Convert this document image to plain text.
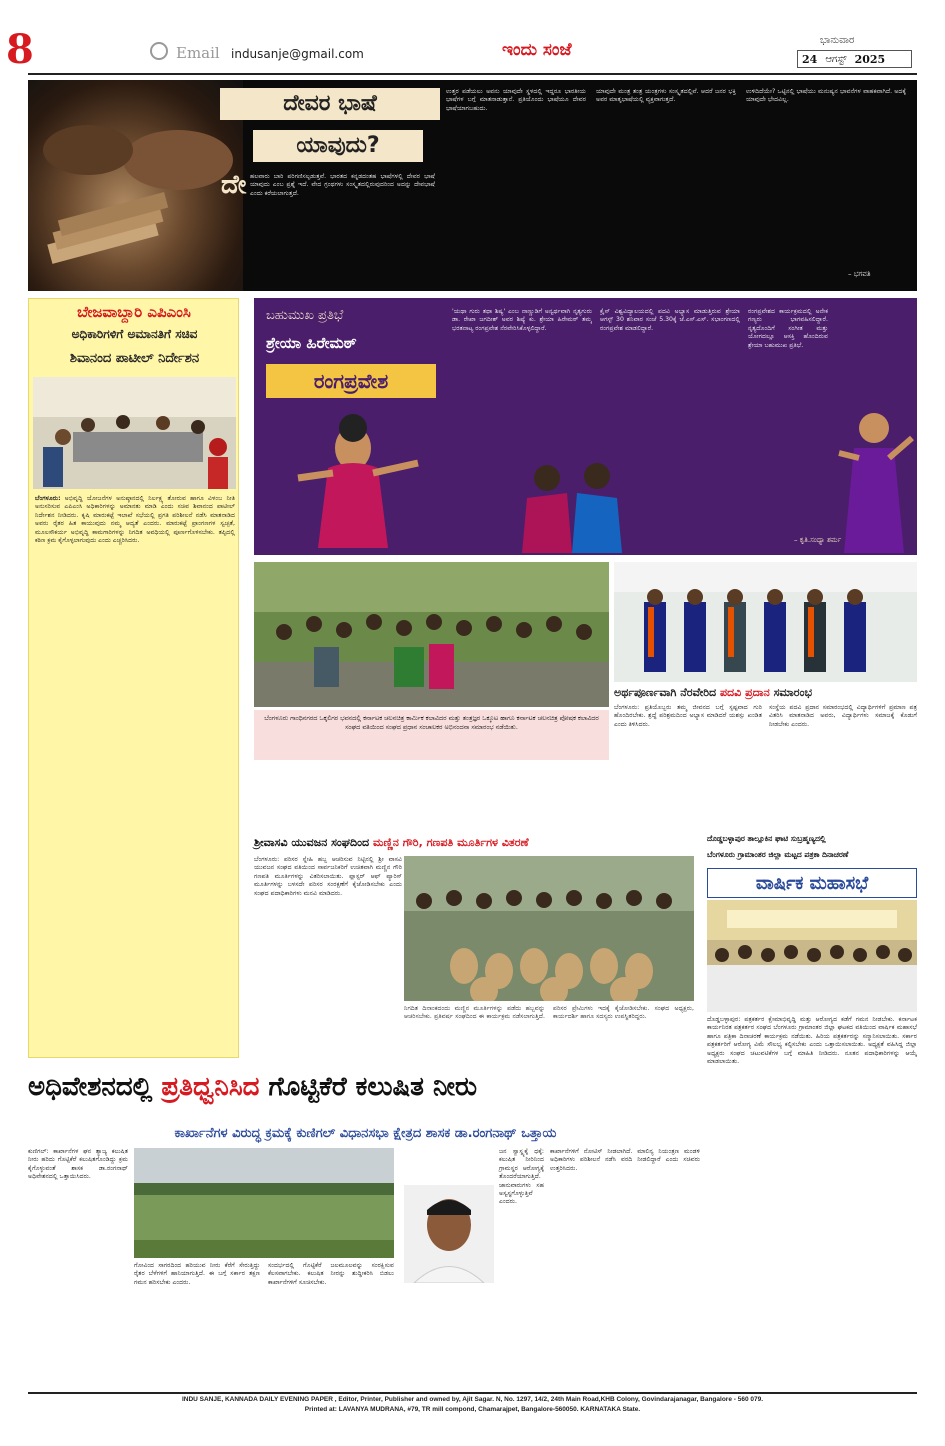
8	Email indusanje@gmail.com	ಇಂದು ಸಂಜೆ	ಭಾನುವಾರ
24 ಆಗಸ್ಟ್ 2025
ದೇವರ ಭಾಷೆ
ಯಾವುದು?
ದೇ ಹಲವಾರು ಬಾರಿ ಪರಿಗಣಿಸಲ್ಪಡುತ್ತವೆ. ಭಾರತದ ಕನ್ನಡದಂತಹ ಭಾಷೆಗಳಲ್ಲಿ ದೇವರ ಭಾಷೆ ಯಾವುದು ಎಂಬ ಪ್ರಶ್ನೆ ಇದೆ. ವೇದ ಗ್ರಂಥಗಳು ಸಂಸ್ಕೃತದಲ್ಲಿರುವುದರಿಂದ ಅದನ್ನು ದೇವಭಾಷೆ ಎಂದು ಕರೆಯಲಾಗುತ್ತದೆ.
ಉತ್ತರ ಪಡೆಯಲು ಅವನು ಯಾವುದೇ ಸ್ಥಳದಲ್ಲಿ ಇದ್ದರೂ ಭಾರತೀಯ ಭಾಷೆಗಳ ಬಗ್ಗೆ ಮಾತನಾಡುತ್ತಾನೆ. ಪ್ರತಿಯೊಂದು ಭಾಷೆಯೂ ದೇವರ ಭಾಷೆಯಾಗಬಹುದು.
ಯಾವುದೇ ಮಂತ್ರ ತಂತ್ರ ಯಂತ್ರಗಳು ಸಂಸ್ಕೃತದಲ್ಲಿವೆ. ಆದರೆ ಜನರ ಭಕ್ತಿ ಅವರ ಮಾತೃಭಾಷೆಯಲ್ಲಿ ವ್ಯಕ್ತವಾಗುತ್ತದೆ.
ಉಳಿದಿದೆಯೇ? ಒಟ್ಟಿನಲ್ಲಿ ಭಾಷೆಯು ಮನುಷ್ಯನ ಭಾವನೆಗಳ ವಾಹಕವಾಗಿದೆ. ಅದಕ್ಕೆ ಯಾವುದೇ ಭೇದವಿಲ್ಲ.
– ಭಗವತಿ
ಬೇಜವಾಬ್ದಾರಿ ಎಪಿಎಂಸಿ
ಅಧಿಕಾರಿಗಳಿಗೆ ಅಮಾನತಿಗೆ ಸಚಿವ
ಶಿವಾನಂದ ಪಾಟೀಲ್ ನಿರ್ದೇಶನ
ಬೆಂಗಳೂರು: ಅಭಿವೃದ್ಧಿ ಯೋಜನೆಗಳ ಅನುಷ್ಠಾನದಲ್ಲಿ ನಿರ್ಲಕ್ಷ್ಯ ತೋರುವ ಹಾಗೂ ವಿಳಂಬ ನೀತಿ ಅನುಸರಿಸುವ ಎಪಿಎಂಸಿ ಅಧಿಕಾರಿಗಳನ್ನು ಅಮಾನತು ಮಾಡಿ ಎಂದು ಸಚಿವ ಶಿವಾನಂದ ಪಾಟೀಲ್ ನಿರ್ದೇಶನ ನೀಡಿದರು. ಕೃಷಿ ಮಾರುಕಟ್ಟೆ ಇಲಾಖೆ ಸಭೆಯಲ್ಲಿ ಪ್ರಗತಿ ಪರಿಶೀಲನೆ ನಡೆಸಿ ಮಾತನಾಡಿದ ಅವರು ರೈತರ ಹಿತ ಕಾಯುವುದು ನಮ್ಮ ಆದ್ಯತೆ ಎಂದರು. ಮಾರುಕಟ್ಟೆ ಪ್ರಾಂಗಣಗಳ ಸ್ವಚ್ಛತೆ, ಮೂಲಸೌಕರ್ಯ ಅಭಿವೃದ್ಧಿ ಕಾಮಗಾರಿಗಳನ್ನು ನಿಗದಿತ ಅವಧಿಯಲ್ಲಿ ಪೂರ್ಣಗೊಳಿಸಬೇಕು. ತಪ್ಪಿದಲ್ಲಿ ಕಠಿಣ ಕ್ರಮ ಕೈಗೊಳ್ಳಲಾಗುವುದು ಎಂದು ಎಚ್ಚರಿಸಿದರು.
ಬಹುಮುಖ ಪ್ರತಿಭೆ
ಶ್ರೇಯಾ ಹಿರೇಮಠ್
ರಂಗಪ್ರವೇಶ
'ಯಥಾ ಗುರು ತಥಾ ಶಿಷ್ಯ' ಎಂಬ ನಾಣ್ಣುಡಿಗೆ ಅನ್ವರ್ಥವಾಗಿ ನೃತ್ಯಗುರು ಡಾ. ರೇಖಾ ಜಗದೀಶ್ ಅವರ ಶಿಷ್ಯೆ ಕು. ಶ್ರೇಯಾ ಹಿರೇಮಠ್ ತಮ್ಮ ಭರತನಾಟ್ಯ ರಂಗಪ್ರವೇಶ ನೆರವೇರಿಸಿಕೊಳ್ಳಲಿದ್ದಾರೆ.
ಕ್ರೈಸ್ ವಿಶ್ವವಿದ್ಯಾಲಯದಲ್ಲಿ ಪದವಿ ಅಭ್ಯಾಸ ಮಾಡುತ್ತಿರುವ ಶ್ರೇಯಾ ಆಗಸ್ಟ್ 30 ಶನಿವಾರ ಸಂಜೆ 5.30ಕ್ಕೆ ಜೆ.ಎಸ್.ಎಸ್. ಸಭಾಂಗಣದಲ್ಲಿ ರಂಗಪ್ರವೇಶ ಮಾಡಲಿದ್ದಾರೆ.
ರಂಗಪ್ರವೇಶದ ಕಾರ್ಯಕ್ರಮದಲ್ಲಿ ಅನೇಕ ಗಣ್ಯರು ಭಾಗವಹಿಸಲಿದ್ದಾರೆ. ನೃತ್ಯದೊಂದಿಗೆ ಸಂಗೀತ ಮತ್ತು ಯೋಗದಲ್ಲೂ ಆಸಕ್ತಿ ಹೊಂದಿರುವ ಶ್ರೇಯಾ ಬಹುಮುಖ ಪ್ರತಿಭೆ.
– ಕೃತಿ.ಸಂಧ್ಯಾ ಶರ್ಮ
ಬೆಂಗಳೂರು ಗಾಂಧಿನಗರದ ಒಕ್ಕಲಿಗರ ಭವನದಲ್ಲಿ ಕರ್ನಾಟಕ ಚಲನಚಿತ್ರ ಕಾರ್ಮಿಕ ಕಲಾವಿದರ ಮತ್ತು ತಂತ್ರಜ್ಞರ ಒಕ್ಕೂಟ ಹಾಗೂ ಕರ್ನಾಟಕ ಚಲನಚಿತ್ರ ಪೋಷಕ ಕಲಾವಿದರ ಸಂಘದ ವತಿಯಿಂದ ಸಂಘದ ಪ್ರಧಾನ ಸಂಚಾಲಕರ ಅಭಿನಂದನಾ ಸಮಾರಂಭ ನಡೆಯಿತು.
ಅರ್ಥಪೂರ್ಣವಾಗಿ ನೆರವೇರಿದ ಪದವಿ ಪ್ರದಾನ ಸಮಾರಂಭ
ಬೆಂಗಳೂರು: ಪ್ರತಿಯೊಬ್ಬರು ತಮ್ಮ ಜೀವನದ ಬಗ್ಗೆ ಸ್ಪಷ್ಟವಾದ ಗುರಿ ಹೊಂದಿರಬೇಕು. ಶ್ರದ್ಧೆ ಪರಿಶ್ರಮದಿಂದ ಅಭ್ಯಾಸ ಮಾಡಿದರೆ ಯಶಸ್ಸು ಖಂಡಿತ ಎಂದು ತಿಳಿಸಿದರು.
ಸಂಸ್ಥೆಯ ಪದವಿ ಪ್ರದಾನ ಸಮಾರಂಭದಲ್ಲಿ ವಿದ್ಯಾರ್ಥಿಗಳಿಗೆ ಪ್ರಮಾಣ ಪತ್ರ ವಿತರಿಸಿ ಮಾತನಾಡಿದ ಅವರು, ವಿದ್ಯಾರ್ಥಿಗಳು ಸಮಾಜಕ್ಕೆ ಕೊಡುಗೆ ನೀಡಬೇಕು ಎಂದರು.
ಶ್ರೀವಾಸವಿ ಯುವಜನ ಸಂಘದಿಂದ ಮಣ್ಣಿನ ಗೌರಿ, ಗಣಪತಿ ಮೂರ್ತಿಗಳ ವಿತರಣೆ
ಬೆಂಗಳೂರು: ಪರಿಸರ ಸ್ನೇಹಿ ಹಬ್ಬ ಆಚರಿಸುವ ನಿಟ್ಟಿನಲ್ಲಿ ಶ್ರೀ ವಾಸವಿ ಯುವಜನ ಸಂಘದ ವತಿಯಿಂದ ಸಾರ್ವಜನಿಕರಿಗೆ ಉಚಿತವಾಗಿ ಮಣ್ಣಿನ ಗೌರಿ ಗಣಪತಿ ಮೂರ್ತಿಗಳನ್ನು ವಿತರಿಸಲಾಯಿತು. ಪ್ಲಾಸ್ಟರ್ ಆಫ್ ಪ್ಯಾರಿಸ್ ಮೂರ್ತಿಗಳನ್ನು ಬಳಸದೇ ಪರಿಸರ ಸಂರಕ್ಷಣೆಗೆ ಕೈಜೋಡಿಸಬೇಕು ಎಂದು ಸಂಘದ ಪದಾಧಿಕಾರಿಗಳು ಮನವಿ ಮಾಡಿದರು.
ನಿಗದಿತ ದಿನಾಂಕದಂದು ಮಣ್ಣಿನ ಮೂರ್ತಿಗಳನ್ನು ಪಡೆದು ಹಬ್ಬವನ್ನು ಆಚರಿಸಬೇಕು. ಪ್ರತಿವರ್ಷ ಸಂಘದಿಂದ ಈ ಕಾರ್ಯಕ್ರಮ ನಡೆಸಲಾಗುತ್ತಿದೆ. ಪರಿಸರ ಪ್ರೇಮಿಗಳು ಇದಕ್ಕೆ ಕೈಜೋಡಿಸಬೇಕು. ಸಂಘದ ಅಧ್ಯಕ್ಷರು, ಕಾರ್ಯದರ್ಶಿ ಹಾಗೂ ಸದಸ್ಯರು ಉಪಸ್ಥಿತರಿದ್ದರು.
ದೊಡ್ಡಬಳ್ಳಾಪುರ ತಾಲ್ಲೂಕಿನ ಘಾಟಿ ಸುಬ್ರಹ್ಮಣ್ಯದಲ್ಲಿ
ಬೆಂಗಳೂರು ಗ್ರಾಮಾಂತರ ಜಿಲ್ಲಾ ಮಟ್ಟದ ಪತ್ರಕಾ ದಿನಾಚರಣೆ
ವಾರ್ಷಿಕ ಮಹಾಸಭೆ
ದೊಡ್ಡಬಳ್ಳಾಪುರ: ಪತ್ರಕರ್ತರ ಕ್ಷೇಮಾಭಿವೃದ್ಧಿ ಮತ್ತು ಆರೋಗ್ಯದ ಕಡೆಗೆ ಗಮನ ನೀಡಬೇಕು. ಕರ್ನಾಟಕ ಕಾರ್ಯನಿರತ ಪತ್ರಕರ್ತರ ಸಂಘದ ಬೆಂಗಳೂರು ಗ್ರಾಮಾಂತರ ಜಿಲ್ಲಾ ಘಟಕದ ವತಿಯಿಂದ ವಾರ್ಷಿಕ ಮಹಾಸಭೆ ಹಾಗೂ ಪತ್ರಿಕಾ ದಿನಾಚರಣೆ ಕಾರ್ಯಕ್ರಮ ನಡೆಯಿತು. ಹಿರಿಯ ಪತ್ರಕರ್ತರನ್ನು ಸನ್ಮಾನಿಸಲಾಯಿತು. ಸರ್ಕಾರ ಪತ್ರಕರ್ತರಿಗೆ ಆರೋಗ್ಯ ವಿಮೆ ಸೌಲಭ್ಯ ಕಲ್ಪಿಸಬೇಕು ಎಂದು ಒತ್ತಾಯಿಸಲಾಯಿತು. ಅಧ್ಯಕ್ಷತೆ ವಹಿಸಿದ್ದ ಜಿಲ್ಲಾ ಅಧ್ಯಕ್ಷರು ಸಂಘದ ಚಟುವಟಿಕೆಗಳ ಬಗ್ಗೆ ಮಾಹಿತಿ ನೀಡಿದರು. ನೂತನ ಪದಾಧಿಕಾರಿಗಳನ್ನು ಆಯ್ಕೆ ಮಾಡಲಾಯಿತು.
ಅಧಿವೇಶನದಲ್ಲಿ ಪ್ರತಿಧ್ವನಿಸಿದ ಗೊಟ್ಟಿಕೆರೆ ಕಲುಷಿತ ನೀರು
ಕಾರ್ಖಾನೆಗಳ ವಿರುದ್ಧ ಕ್ರಮಕ್ಕೆ ಕುಣಿಗಲ್ ವಿಧಾನಸಭಾ ಕ್ಷೇತ್ರದ ಶಾಸಕ ಡಾ.ರಂಗನಾಥ್ ಒತ್ತಾಯ
ಕುಣಿಗಲ್: ಕಾರ್ಖಾನೆಗಳ ಘನ ತ್ಯಾಜ್ಯ ಕಲುಷಿತ ನೀರು ಹರಿದು ಗೊಟ್ಟಿಕೆರೆ ಕಲುಷಿತಗೊಂಡಿದ್ದು ಕ್ರಮ ಕೈಗೊಳ್ಳುವಂತೆ ಶಾಸಕ ಡಾ.ರಂಗನಾಥ್ ಅಧಿವೇಶನದಲ್ಲಿ ಒತ್ತಾಯಿಸಿದರು.
ಗೋವಿಂದ ಸಾಗರದಿಂದ ಹರಿಯುವ ನೀರು ಕೆರೆಗೆ ಸೇರುತ್ತಿದ್ದು ರೈತರ ಬೆಳೆಗಳಿಗೆ ಹಾನಿಯಾಗುತ್ತಿದೆ. ಈ ಬಗ್ಗೆ ಸರ್ಕಾರ ತಕ್ಷಣ ಗಮನ ಹರಿಸಬೇಕು ಎಂದರು.
ಸಂದರ್ಭದಲ್ಲಿ ಗೊಟ್ಟಿಕೆರೆ ಜಲಮೂಲವನ್ನು ಸಂರಕ್ಷಿಸುವ ಕೆಲಸವಾಗಬೇಕು. ಕಲುಷಿತ ನೀರನ್ನು ಶುದ್ಧೀಕರಿಸಿ ಬಿಡಲು ಕಾರ್ಖಾನೆಗಳಿಗೆ ಸೂಚಿಸಬೇಕು.
ಜನ ಸ್ವಾಸ್ಥ್ಯಕ್ಕೆ ಧಕ್ಕೆ: ಕಲುಷಿತ ನೀರಿನಿಂದ ಗ್ರಾಮಸ್ಥರ ಆರೋಗ್ಯಕ್ಕೆ ತೊಂದರೆಯಾಗುತ್ತಿದೆ. ಜಾನುವಾರುಗಳು ಸಹ ಅಸ್ವಸ್ಥಗೊಳ್ಳುತ್ತಿವೆ ಎಂದರು.
ಕಾರ್ಖಾನೆಗಳಿಗೆ ನೋಟಿಸ್ ನೀಡಲಾಗಿದೆ. ಮಾಲಿನ್ಯ ನಿಯಂತ್ರಣ ಮಂಡಳಿ ಅಧಿಕಾರಿಗಳು ಪರಿಶೀಲನೆ ನಡೆಸಿ ವರದಿ ನೀಡಲಿದ್ದಾರೆ ಎಂದು ಸಚಿವರು ಉತ್ತರಿಸಿದರು.
INDU SANJE, KANNADA DAILY EVENING PAPER , Editor, Printer, Publisher and owned by, Ajit Sagar. N, No. 1297, 14/2, 24th Main Road,KHB Colony, Govindarajanagar, Bangalore - 560 079.
Printed at: LAVANYA MUDRANA, #79, TR mill compond, Chamarajpet, Bangalore-560050. KARNATAKA State.
